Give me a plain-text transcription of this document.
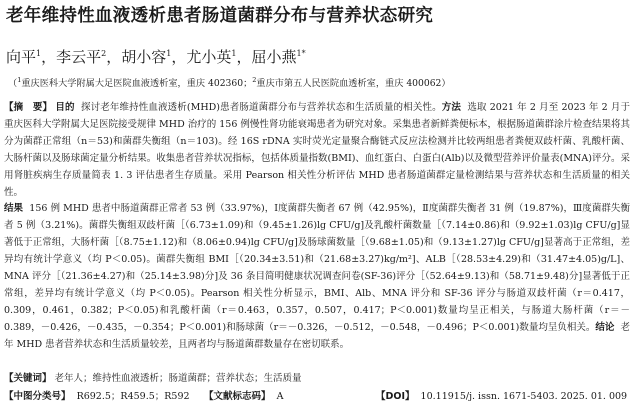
老年维持性血液透析患者肠道菌群分布与营养状态研究
向平$^1$，李云平$^2$，胡小容$^1$，尤小英$^1$，屈小燕$^{1*}$
（$^1$重庆医科大学附属大足医院血液透析室，重庆 402360；$^2$重庆市第五人民医院血透析室，重庆 400062）
【摘　要】 目的 探讨老年维持性血液透析(MHD)患者肠道菌群分布与营养状态和生活质量的相关性。方法 选取 2021 年 2 月至 2023 年 2 月于重庆医科大学附属大足医院接受规律 MHD 治疗的 156 例慢性肾功能衰竭患者为研究对象。采集患者新鲜粪便标本，根据肠道菌群涂片检查结果将其分为菌群正常组（n＝53)和菌群失衡组（n＝103)。经 16S rDNA 实时荧光定量聚合酶链式反应法检测并比较两组患者粪便双歧杆菌、乳酸杆菌、大肠杆菌以及肠球菌定量分析结果。收集患者营养状况指标，包括体质量指数(BMI)、血红蛋白、白蛋白(Alb)以及微型营养评价量表(MNA)评分。采用肾脏疾病生存质量简表 1. 3 评估患者生存质量。采用 Pearson 相关性分析评估 MHD 患者肠道菌群定量检测结果与营养状态和生活质量的相关性。
结果 156 例 MHD 患者中肠道菌群正常者 53 例（33.97%)，Ⅰ度菌群失衡者 67 例（42.95%)，Ⅱ度菌群失衡者 31 例（19.87%)，Ⅲ度菌群失衡者 5 例（3.21%)。菌群失衡组双歧杆菌［（6.73±1.09)和（9.45±1.26)lg CFU/g]及乳酸杆菌数量［（7.14±0.86)和（9.92±1.03)lg CFU/g]显著低于正常组，大肠杆菌［（8.75±1.12)和（8.06±0.94)lg CFU/g]及肠球菌数量［（9.68±1.05)和（9.13±1.27)lg CFU/g]显著高于正常组，差异均有统计学意义（均 P＜0.05)。菌群失衡组 BMI［（20.34±3.51)和（21.68±3.27)kg/m²]、ALB［（28.53±4.29)和（31.47±4.05)g/L]、MNA 评分［（21.36±4.27)和（25.14±3.98)分]及 36 条目简明健康状况调查问卷(SF-36)评分［（52.64±9.13)和（58.71±9.48)分]显著低于正常组，差异均有统计学意义（均 P＜0.05)。Pearson 相关性分析显示，BMI、Alb、MNA 评分和 SF-36 评分与肠道双歧杆菌（r＝0.417，0.309，0.461，0.382；P＜0.05)和乳酸杆菌（r＝0.463，0.357，0.507，0.417；P＜0.001)数量均呈正相关，与肠道大肠杆菌（r＝－0.389，－0.426，－0.435，－0.354；P＜0.001)和肠球菌（r＝－0.326，－0.512，－0.548，－0.496；P＜0.001)数量均呈负相关。结论 老年 MHD 患者营养状态和生活质量较差，且两者均与肠道菌群数量存在密切联系。
【关键词】 老年人；维持性血液透析；肠道菌群；营养状态；生活质量
【中图分类号】 R692.5；R459.5；R592 【文献标志码】 A	【DOI】 10.11915/j. issn. 1671-5403. 2025. 01. 009
